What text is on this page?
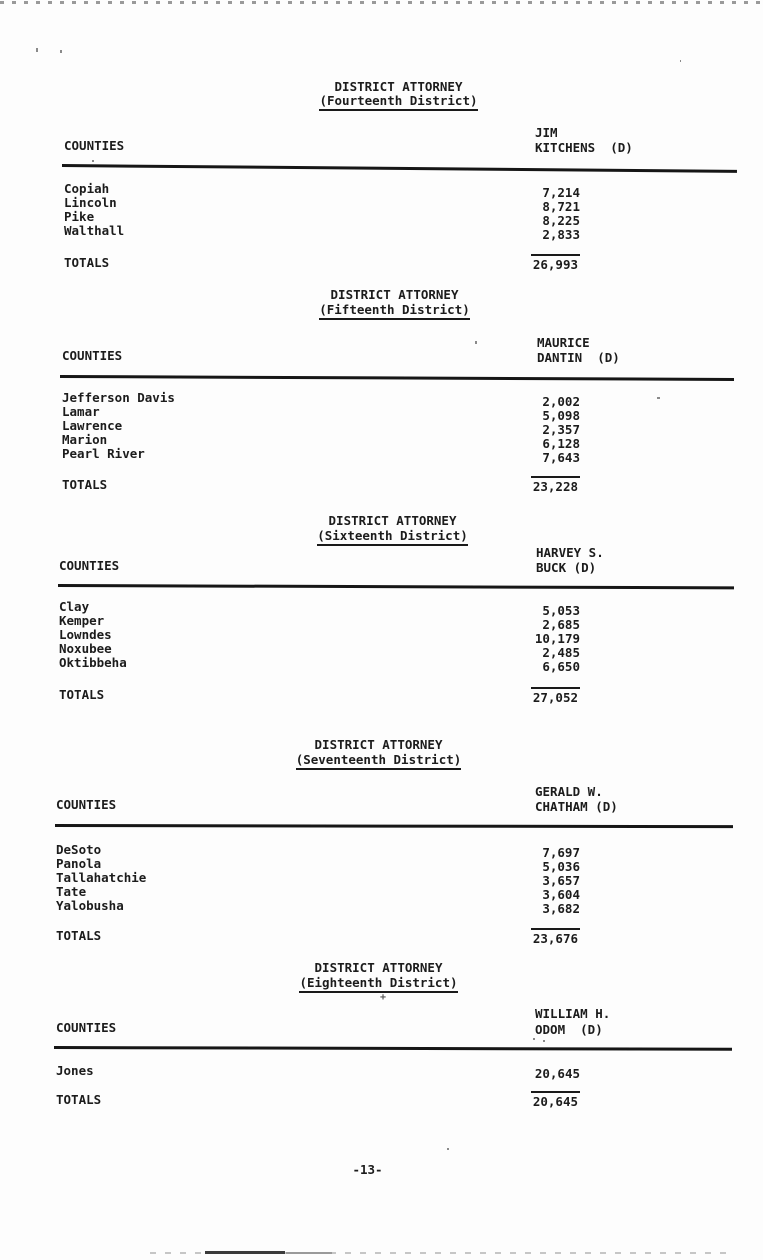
DISTRICT ATTORNEY
(Fourteenth District)
JIM
KITCHENS  (D)
COUNTIES
Copiah	7,214
Lincoln	8,721
Pike	8,225
Walthall	2,833
TOTALS	26,993
DISTRICT ATTORNEY
(Fifteenth District)
MAURICE
DANTIN  (D)
COUNTIES
Jefferson Davis	2,002
Lamar	5,098
Lawrence	2,357
Marion	6,128
Pearl River	7,643
TOTALS	23,228
DISTRICT ATTORNEY
(Sixteenth District)
HARVEY S.
BUCK (D)
COUNTIES
Clay	5,053
Kemper	2,685
Lowndes	10,179
Noxubee	2,485
Oktibbeha	6,650
TOTALS	27,052
DISTRICT ATTORNEY
(Seventeenth District)
GERALD W.
CHATHAM (D)
COUNTIES
DeSoto	7,697
Panola	5,036
Tallahatchie	3,657
Tate	3,604
Yalobusha	3,682
TOTALS	23,676
DISTRICT ATTORNEY
(Eighteenth District)
+
WILLIAM H.
ODOM  (D)
COUNTIES
Jones	20,645
TOTALS	20,645
-13-
